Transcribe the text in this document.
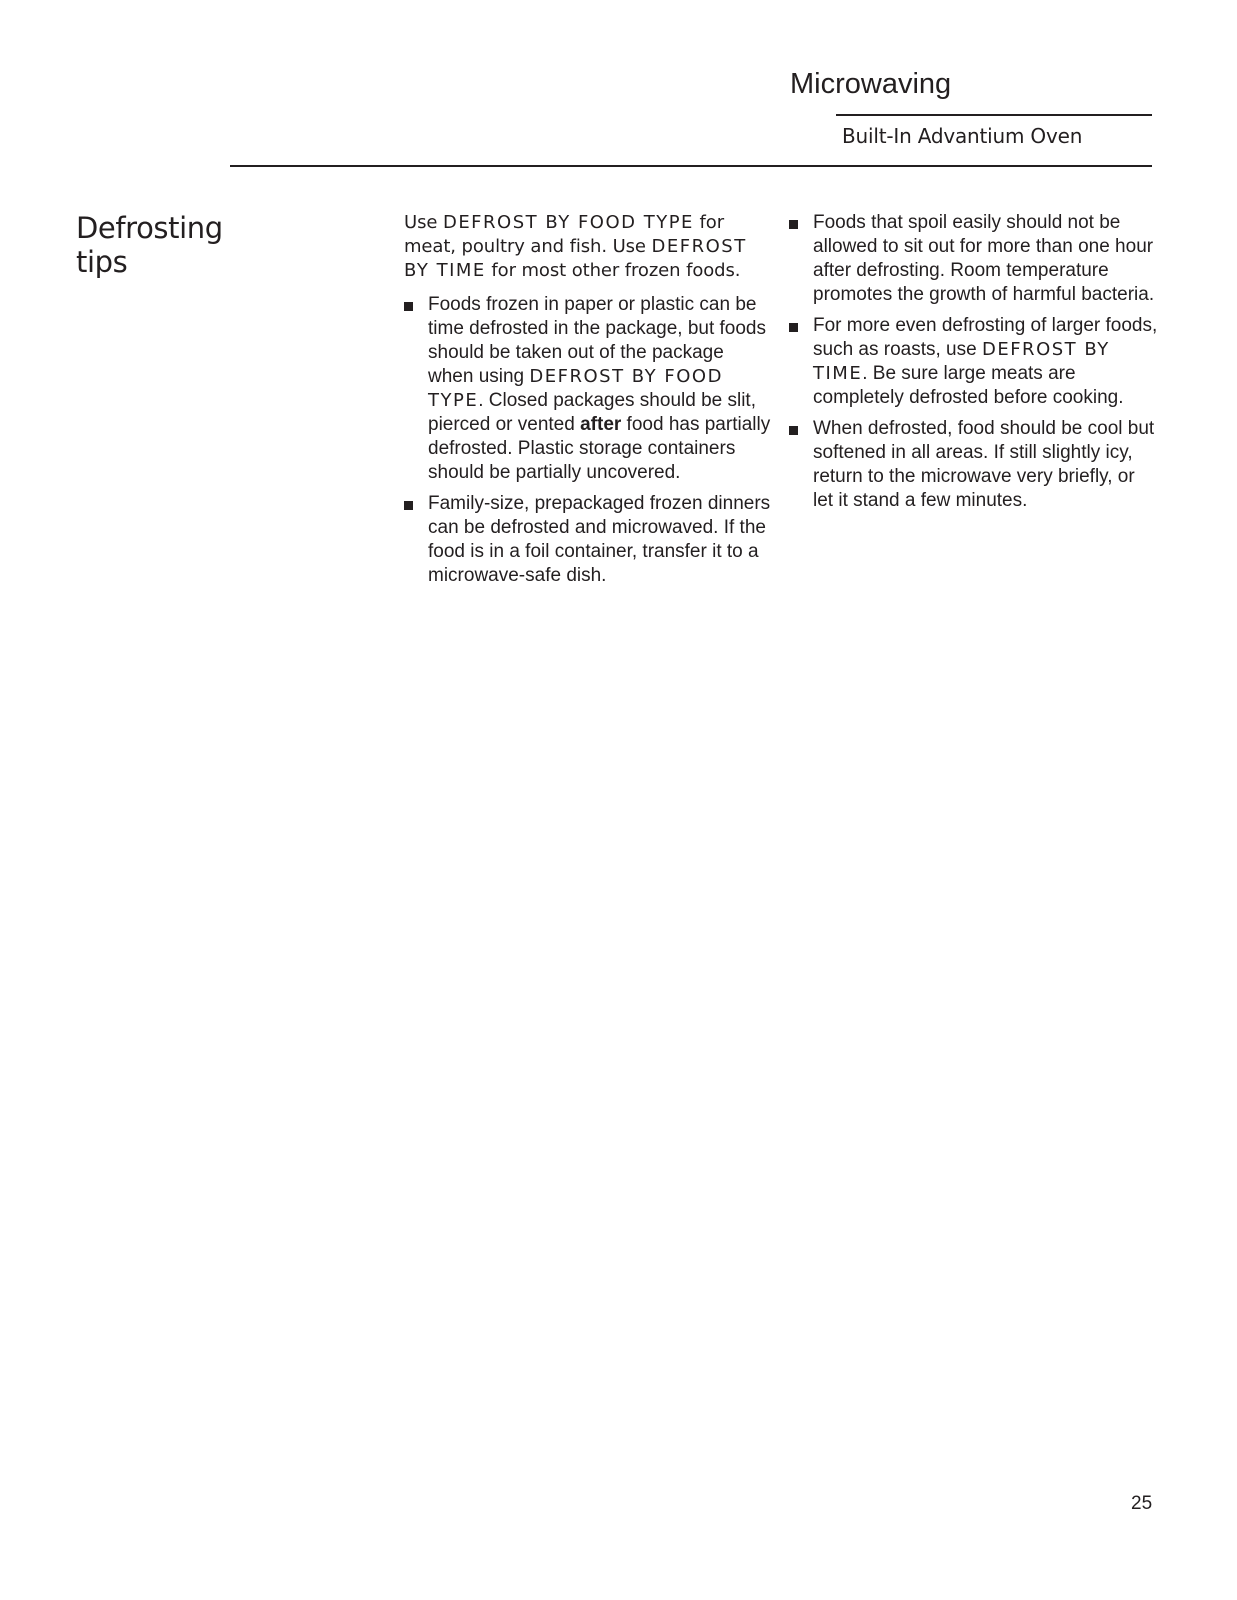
Microwaving
Built-In Advantium Oven
Defrosting
tips

Use DEFROST BY FOOD TYPE for meat, poultry and fish. Use DEFROST BY TIME for most other frozen foods.

Foods frozen in paper or plastic can be time defrosted in the package, but foods should be taken out of the package when using DEFROST BY FOOD TYPE. Closed packages should be slit, pierced or vented after food has partially defrosted. Plastic storage containers should be partially uncovered.
Family-size, prepackaged frozen dinners can be defrosted and microwaved. If the food is in a foil container, transfer it to a microwave-safe dish.
Foods that spoil easily should not be allowed to sit out for more than one hour after defrosting. Room temperature promotes the growth of harmful bacteria.
For more even defrosting of larger foods, such as roasts, use DEFROST BY TIME. Be sure large meats are completely defrosted before cooking.
When defrosted, food should be cool but softened in all areas. If still slightly icy, return to the microwave very briefly, or let it stand a few minutes.
25
